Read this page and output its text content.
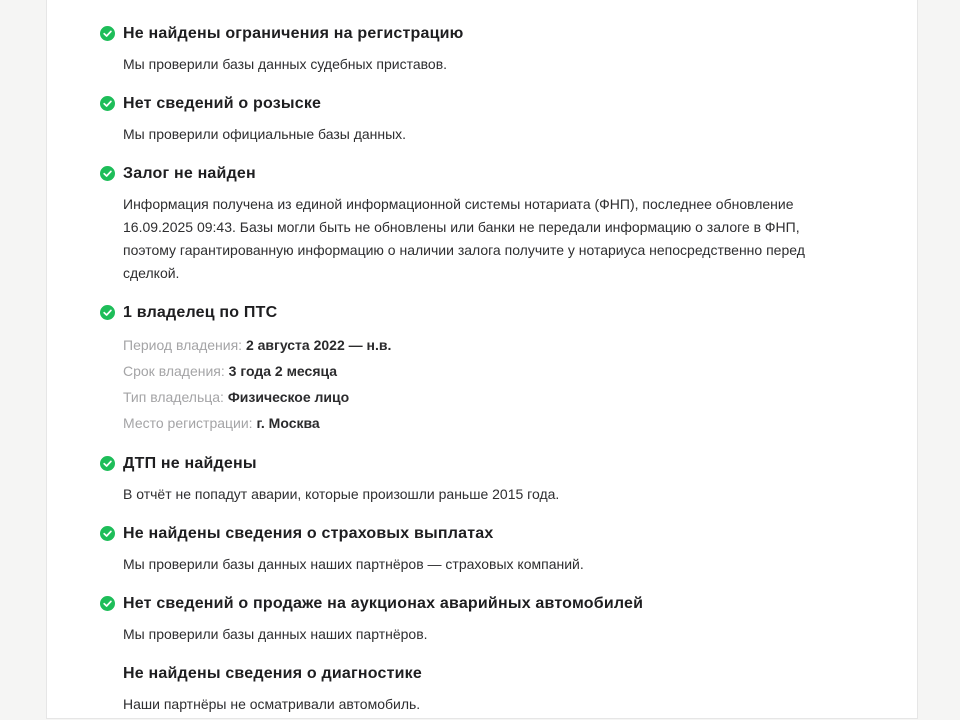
Не найдены ограничения на регистрацию

Мы проверили базы данных судебных приставов.

Нет сведений о розыске

Мы проверили официальные базы данных.

Залог не найден

Информация получена из единой информационной системы нотариата (ФНП), последнее обновление 16.09.2025 09:43. Базы могли быть не обновлены или банки не передали информацию о залоге в ФНП, поэтому гарантированную информацию о наличии залога получите у нотариуса непосредственно перед сделкой.

1 владелец по ПТС
Период владения: 2 августа 2022 — н.в.
Срок владения: 3 года 2 месяца
Тип владельца: Физическое лицо
Место регистрации: г. Москва
ДТП не найдены

В отчёт не попадут аварии, которые произошли раньше 2015 года.

Не найдены сведения о страховых выплатах

Мы проверили базы данных наших партнёров — страховых компаний.

Нет сведений о продаже на аукционах аварийных автомобилей

Мы проверили базы данных наших партнёров.

Не найдены сведения о диагностике

Наши партнёры не осматривали автомобиль.
